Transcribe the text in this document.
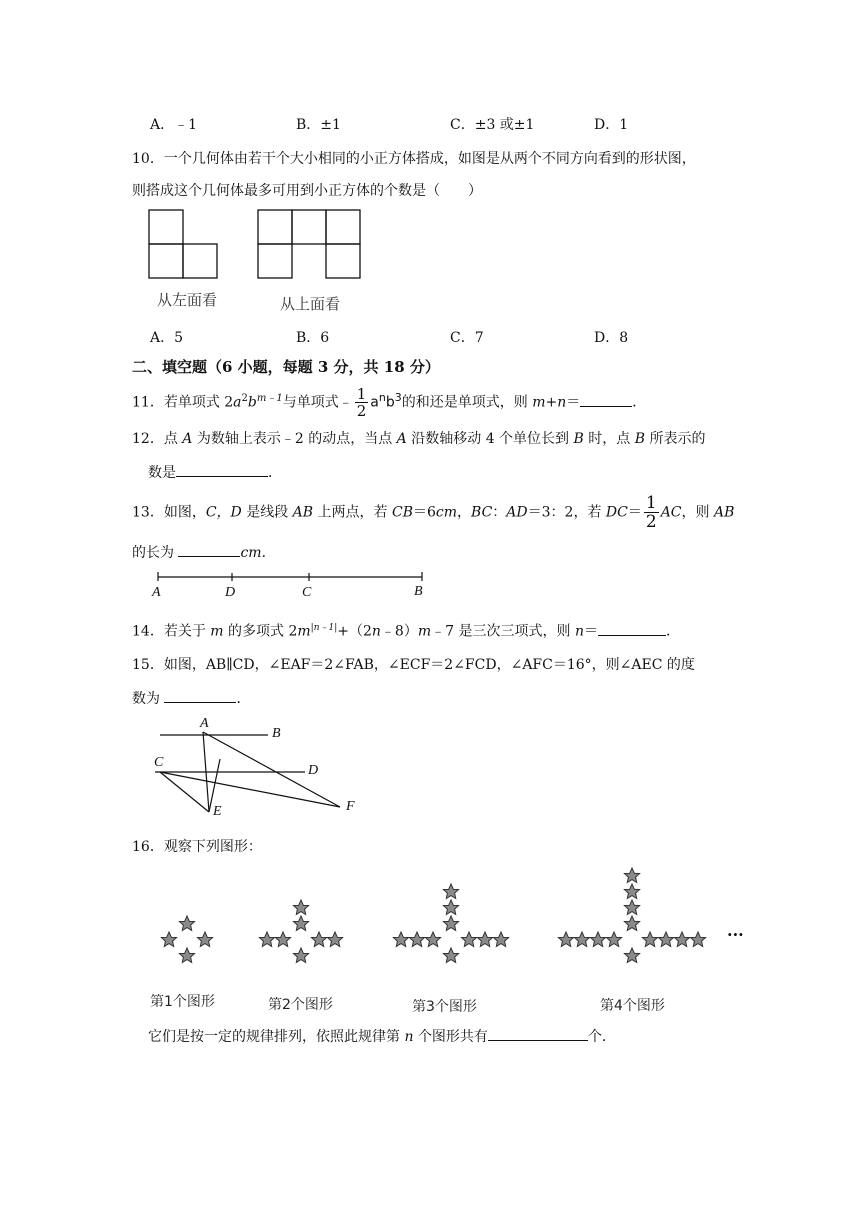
A．﹣1	B．±1	C．±3 或±1	D．1
10．一个几何体由若干个大小相同的小正方体搭成，如图是从两个不同方向看到的形状图，
则搭成这个几何体最多可用到小正方体的个数是（　　）
从左面看	从上面看
A．5	B．6	C．7	D．8
二、填空题（6 小题，每题 3 分，共 18 分）
11．若单项式 $2a^2b^{m﹣1}$与单项式﹣ $\frac{1}{2} a^nb^3$的和还是单项式，则 m+n＝	．
12．点 A 为数轴上表示﹣2 的动点，当点 A 沿数轴移动 4 个单位长到 B 时，点 B 所表示的
数是	．
13．如图，C，D 是线段 AB 上两点，若 CB＝6cm，BC：AD＝3：2，若 $DC= \frac{1}{2}$ AC，则 AB
的长为	cm．
A	D	C	B
14．若关于 m 的多项式 $2m^{|n﹣1|}+(2n﹣8)m﹣7$ 是三次三项式，则 n＝	．
15．如图，AB∥CD，∠EAF＝2∠FAB，∠ECF＝2∠FCD，∠AFC＝16°，则∠AEC 的度
数为	．
A
B
C
D
E	F
16．观察下列图形：
···
第1个图形	第2个图形	第3个图形	第4个图形
它们是按一定的规律排列，依照此规律第 n 个图形共有	个．
